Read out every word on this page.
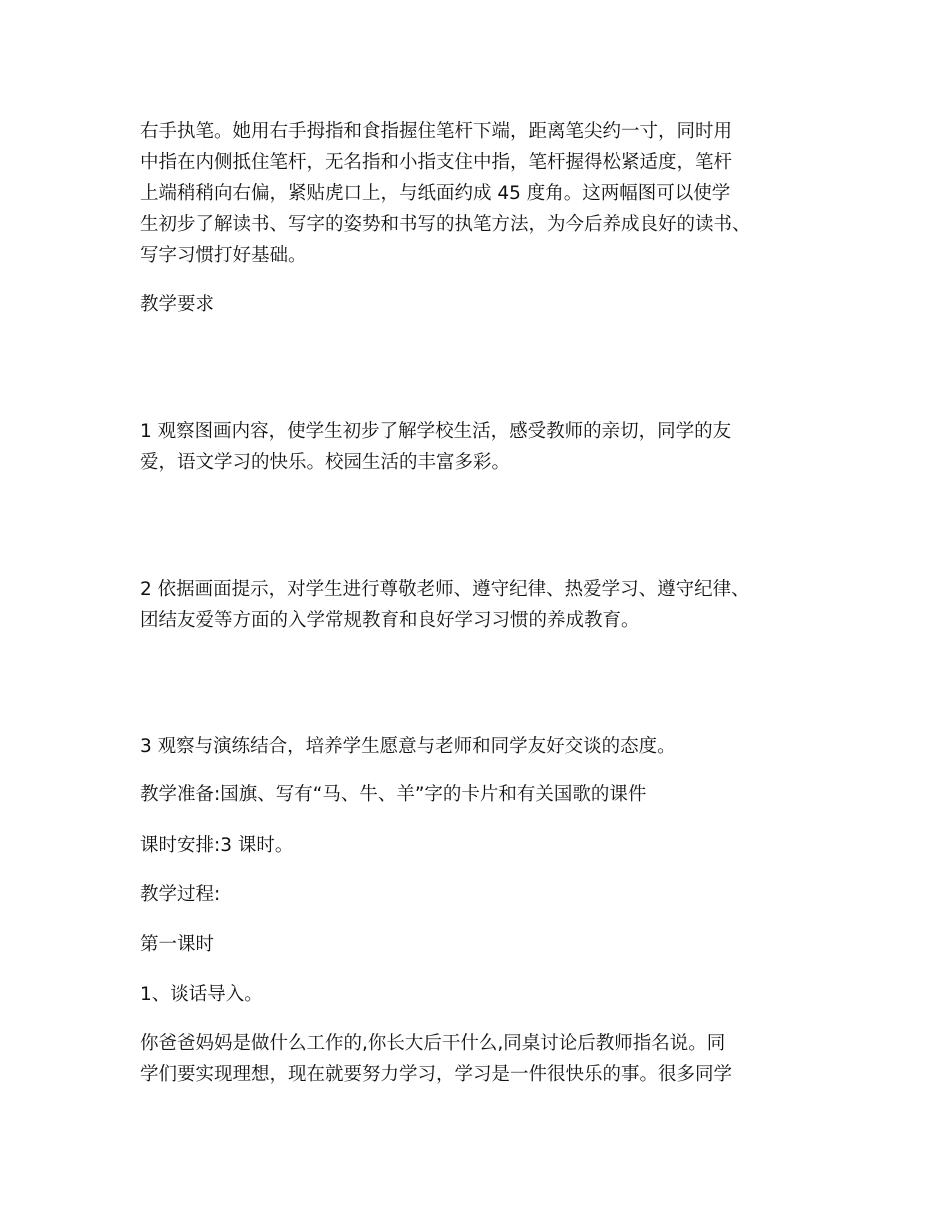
右手执笔。她用右手拇指和食指握住笔杆下端，距离笔尖约一寸，同时用
中指在内侧抵住笔杆，无名指和小指支住中指，笔杆握得松紧适度，笔杆
上端稍稍向右偏，紧贴虎口上，与纸面约成 45 度角。这两幅图可以使学
生初步了解读书、写字的姿势和书写的执笔方法，为今后养成良好的读书、
写字习惯打好基础。

教学要求

1 观察图画内容，使学生初步了解学校生活，感受教师的亲切，同学的友
爱，语文学习的快乐。校园生活的丰富多彩。

2 依据画面提示，对学生进行尊敬老师、遵守纪律、热爱学习、遵守纪律、
团结友爱等方面的入学常规教育和良好学习习惯的养成教育。

3 观察与演练结合，培养学生愿意与老师和同学友好交谈的态度。

教学准备:国旗、写有“马、牛、羊”字的卡片和有关国歌的课件

课时安排:3 课时。

教学过程:

第一课时

1、谈话导入。

你爸爸妈妈是做什么工作的,你长大后干什么,同桌讨论后教师指名说。同
学们要实现理想，现在就要努力学习，学习是一件很快乐的事。很多同学
